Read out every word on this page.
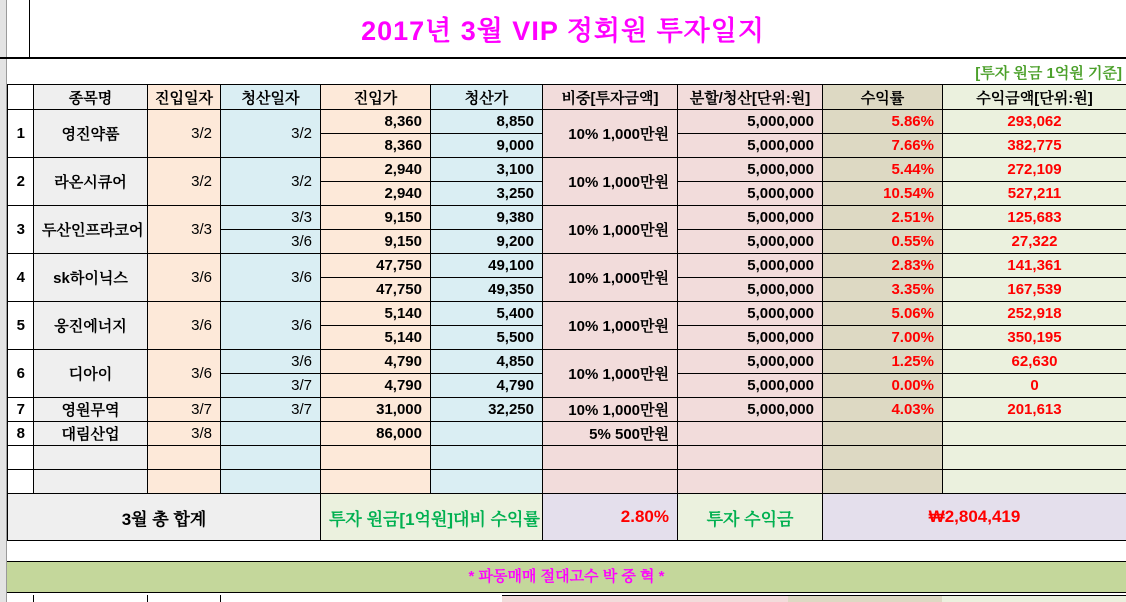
2017년 3월 VIP 정회원 투자일지
[투자 원금 1억원 기준]
	종목명	진입일자	청산일자	진입가	청산가	비중[투자금액]	분할/청산[단위:원]	수익률	수익금액[단위:원]
1	영진약품	3/2	3/2	8,360	8,850	10% 1,000만원	5,000,000	5.86%	293,062
				8,360	9,000		5,000,000	7.66%	382,775
2	라온시큐어	3/2	3/2	2,940	3,100	10% 1,000만원	5,000,000	5.44%	272,109
				2,940	3,250		5,000,000	10.54%	527,211
3	두산인프라코어	3/3	3/3	9,150	9,380	10% 1,000만원	5,000,000	2.51%	125,683
			3/6	9,150	9,200		5,000,000	0.55%	27,322
4	sk하이닉스	3/6	3/6	47,750	49,100	10% 1,000만원	5,000,000	2.83%	141,361
				47,750	49,350		5,000,000	3.35%	167,539
5	웅진에너지	3/6	3/6	5,140	5,400	10% 1,000만원	5,000,000	5.06%	252,918
				5,140	5,500		5,000,000	7.00%	350,195
6	디아이	3/6	3/6	4,790	4,850	10% 1,000만원	5,000,000	1.25%	62,630
			3/7	4,790	4,790		5,000,000	0.00%	0
7	영원무역	3/7	3/7	31,000	32,250	10% 1,000만원	5,000,000	4.03%	201,613
8	대림산업	3/8		86,000		5% 500만원			

3월 총 합계				투자 원금[1억원]대비 수익률		2.80%	투자 수익금	₩2,804,419	
* 파동매매 절대고수 박 중 혁 *
